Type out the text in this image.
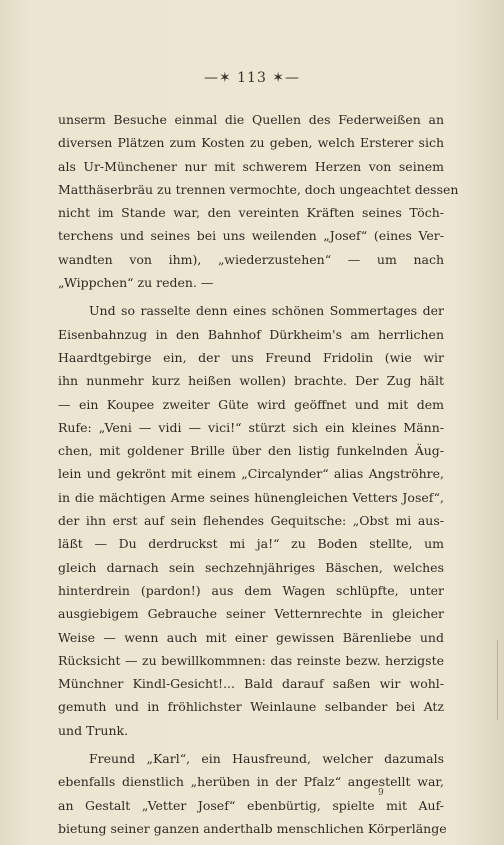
—✶ 113 ✶—
unserm Besuche einmal die Quellen des Federweißen an
diversen Plätzen zum Kosten zu geben, welch Ersterer sich
als Ur-Münchener nur mit schwerem Herzen von seinem
Matthäserbräu zu trennen vermochte, doch ungeachtet dessen
nicht im Stande war, den vereinten Kräften seines Töch-
terchens und seines bei uns weilenden „Josef“ (eines Ver-
wandten von ihm), „wiederzustehen“ — um nach
„Wippchen“ zu reden. —
Und so rasselte denn eines schönen Sommertages der
Eisenbahnzug in den Bahnhof Dürkheim's am herrlichen
Haardtgebirge ein, der uns Freund Fridolin (wie wir
ihn nunmehr kurz heißen wollen) brachte. Der Zug hält
— ein Koupee zweiter Güte wird geöffnet und mit dem
Rufe: „Veni — vidi — vici!“ stürzt sich ein kleines Männ-
chen, mit goldener Brille über den listig funkelnden Äug-
lein und gekrönt mit einem „Circalynder“ alias Angströhre,
in die mächtigen Arme seines hünengleichen Vetters Josef“,
der ihn erst auf sein flehendes Gequitsche: „Obst mi aus-
läßt — Du derdruckst mi ja!“ zu Boden stellte, um
gleich darnach sein sechzehnjähriges Bäschen, welches
hinterdrein (pardon!) aus dem Wagen schlüpfte, unter
ausgiebigem Gebrauche seiner Vetternrechte in gleicher
Weise — wenn auch mit einer gewissen Bärenliebe und
Rücksicht — zu bewillkommnen: das reinste bezw. herzigste
Münchner Kindl-Gesicht!... Bald darauf saßen wir wohl-
gemuth und in fröhlichster Weinlaune selbander bei Atz
und Trunk.
Freund „Karl“, ein Hausfreund, welcher dazumals
ebenfalls dienstlich „herüben in der Pfalz“ angestellt war,
an Gestalt „Vetter Josef“ ebenbürtig, spielte mit Auf-
bietung seiner ganzen anderthalb menschlichen Körperlänge
9
